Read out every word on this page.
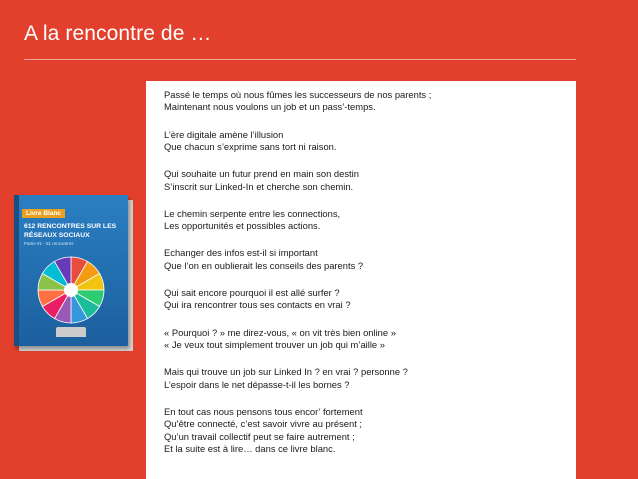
A la rencontre de …
Livre Blanc
612 RENCONTRES SUR LES RÉSEAUX SOCIAUX
Partie #1 - 61 rencontres
Passé le temps où nous fûmes les successeurs de nos parents ;
Maintenant nous voulons un job et un pass’-temps.
L’ère digitale amène l’illusion
Que chacun s’exprime sans tort ni raison.
Qui souhaite un futur prend en main son destin
S’inscrit sur Linked-In et cherche son chemin.
Le chemin serpente entre les connections,
Les opportunités et possibles actions.
Echanger des infos est-il si important
Que l’on en oublierait les conseils des parents ?
Qui sait encore pourquoi il est allé surfer ?
Qui ira rencontrer tous ses contacts en vrai ?
« Pourquoi ? » me direz-vous, « on vit très bien online »
« Je veux tout simplement trouver un job qui m’aille »
Mais qui trouve un job sur Linked In ? en vrai ? personne ?
L’espoir dans le net dépasse-t-il les bornes ?
En tout cas nous pensons tous encor’ fortement
Qu’être connecté, c’est savoir vivre au présent ;
Qu’un travail collectif peut se faire autrement ;
Et la suite est à lire… dans ce livre blanc.
